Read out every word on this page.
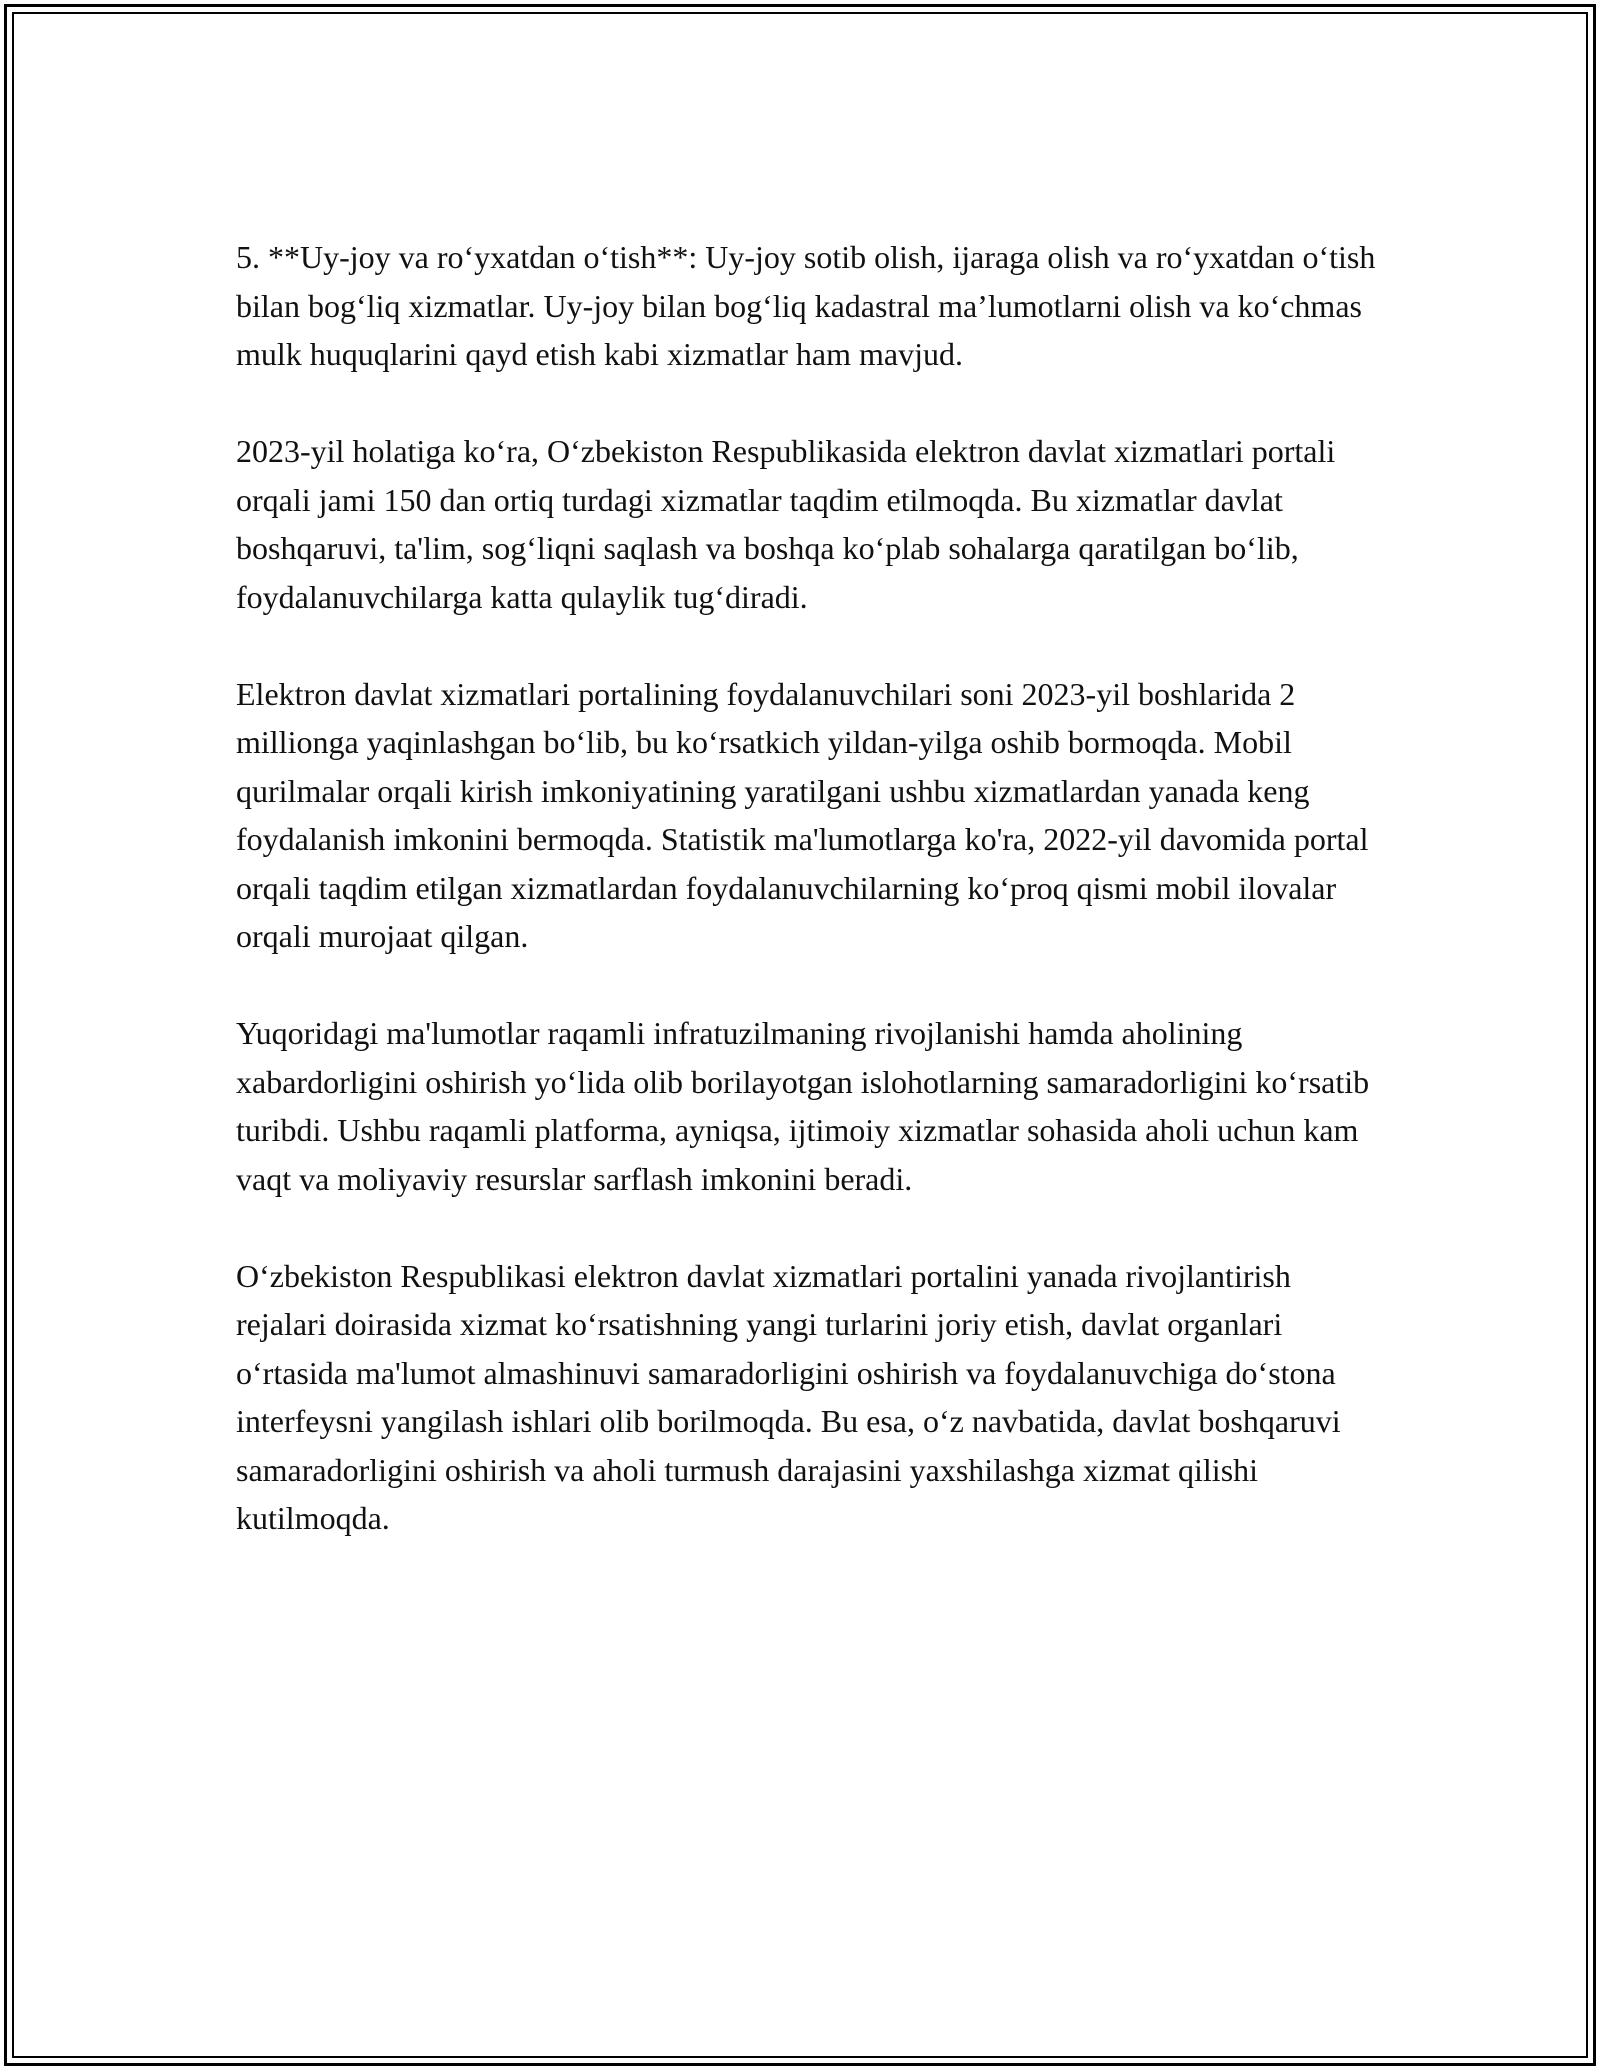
5. **Uy-joy va ro‘yxatdan o‘tish**: Uy-joy sotib olish, ijaraga olish va ro‘yxatdan o‘tish bilan bog‘liq xizmatlar. Uy-joy bilan bog‘liq kadastral ma’lumotlarni olish va ko‘chmas mulk huquqlarini qayd etish kabi xizmatlar ham mavjud.

2023-yil holatiga ko‘ra, O‘zbekiston Respublikasida elektron davlat xizmatlari portali orqali jami 150 dan ortiq turdagi xizmatlar taqdim etilmoqda. Bu xizmatlar davlat boshqaruvi, ta'lim, sog‘liqni saqlash va boshqa ko‘plab sohalarga qaratilgan bo‘lib, foydalanuvchilarga katta qulaylik tug‘diradi.

Elektron davlat xizmatlari portalining foydalanuvchilari soni 2023-yil boshlarida 2 millionga yaqinlashgan bo‘lib, bu ko‘rsatkich yildan-yilga oshib bormoqda. Mobil qurilmalar orqali kirish imkoniyatining yaratilgani ushbu xizmatlardan yanada keng foydalanish imkonini bermoqda. Statistik ma'lumotlarga ko'ra, 2022-yil davomida portal orqali taqdim etilgan xizmatlardan foydalanuvchilarning ko‘proq qismi mobil ilovalar orqali murojaat qilgan.

Yuqoridagi ma'lumotlar raqamli infratuzilmaning rivojlanishi hamda aholining xabardorligini oshirish yo‘lida olib borilayotgan islohotlarning samaradorligini ko‘rsatib turibdi. Ushbu raqamli platforma, ayniqsa, ijtimoiy xizmatlar sohasida aholi uchun kam vaqt va moliyaviy resurslar sarflash imkonini beradi.

O‘zbekiston Respublikasi elektron davlat xizmatlari portalini yanada rivojlantirish rejalari doirasida xizmat ko‘rsatishning yangi turlarini joriy etish, davlat organlari o‘rtasida ma'lumot almashinuvi samaradorligini oshirish va foydalanuvchiga do‘stona interfeysni yangilash ishlari olib borilmoqda. Bu esa, o‘z navbatida, davlat boshqaruvi samaradorligini oshirish va aholi turmush darajasini yaxshilashga xizmat qilishi kutilmoqda.
